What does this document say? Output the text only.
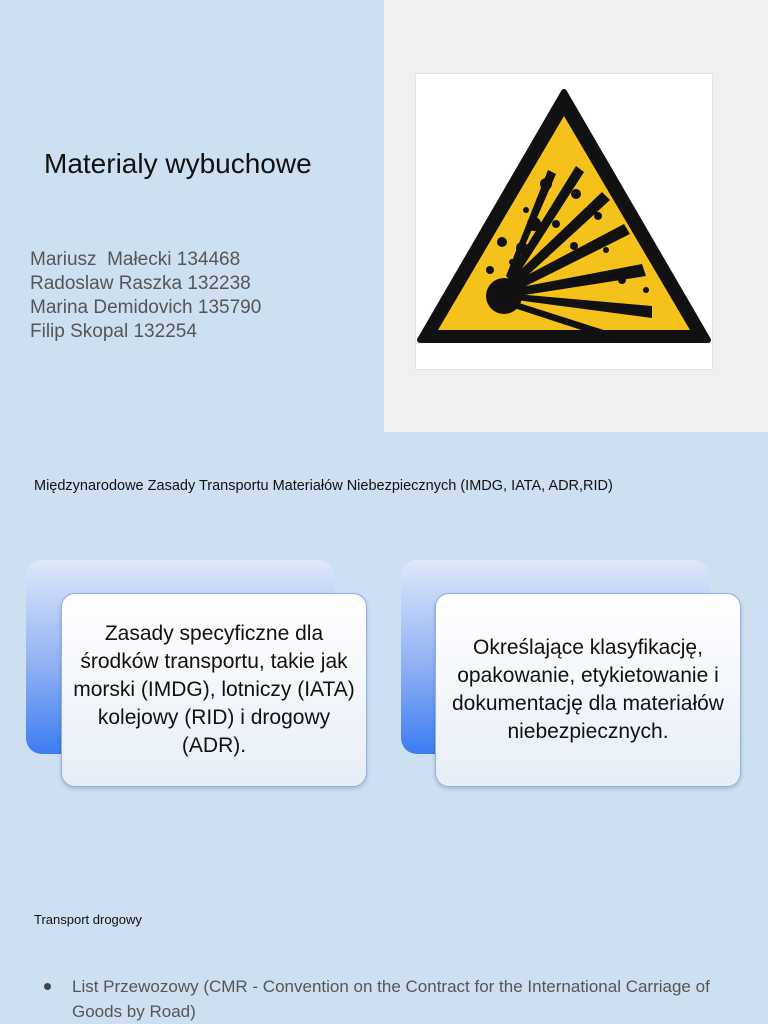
Materialy wybuchowe
Mariusz  Małecki 134468
Radoslaw Raszka 132238
Marina Demidovich 135790
Filip Skopal 132254
Międzynarodowe Zasady Transportu Materiałów Niebezpiecznych (IMDG, IATA, ADR,RID)
Zasady specyficzne dla środków transportu, takie jak morski (IMDG), lotniczy (IATA) kolejowy (RID) i drogowy (ADR).
Określające klasyfikację, opakowanie, etykietowanie i dokumentację dla materiałów niebezpiecznych.
Transport drogowy
List Przewozowy (CMR - Convention on the Contract for the International Carriage of Goods by Road)
